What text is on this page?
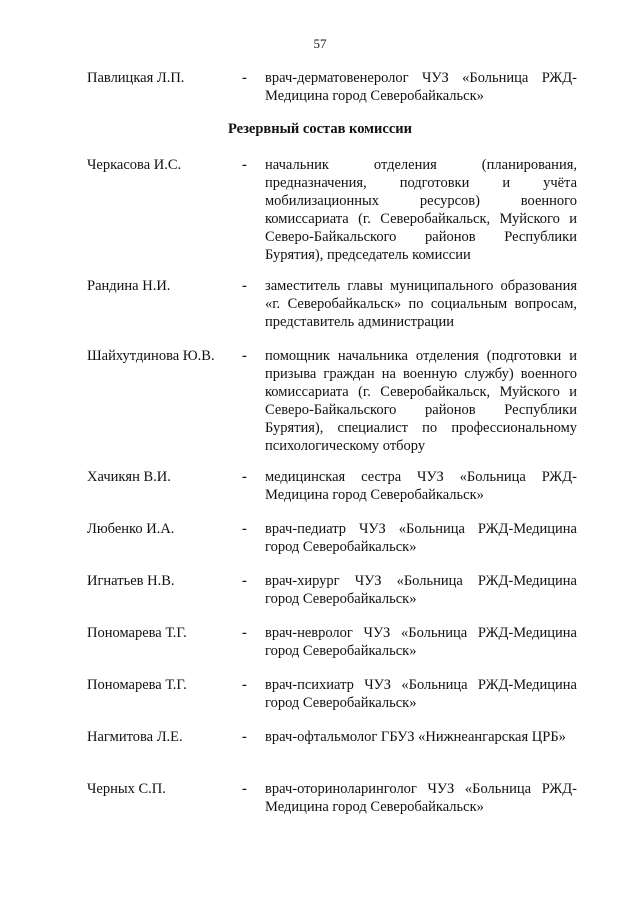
57
Павлицкая Л.П.	- врач-дерматовенеролог ЧУЗ «Больница РЖД-Медицина город Северобайкальск»
Резервный состав комиссии
Черкасова И.С.	- начальник отделения (планирования, предназначения, подготовки и учёта мобилизационных ресурсов) военного комиссариата (г. Северобайкальск, Муйского и Северо-Байкальского районов Республики Бурятия), председатель комиссии
Рандина Н.И.	- заместитель главы муниципального образования «г. Северобайкальск» по социальным вопросам, представитель администрации
Шайхутдинова Ю.В. - помощник начальника отделения (подготовки и призыва граждан на военную службу) военного комиссариата (г. Северобайкальск, Муйского и Северо-Байкальского районов Республики Бурятия), специалист по профессиональному психологическому отбору
Хачикян В.И.	- медицинская сестра ЧУЗ «Больница РЖД-Медицина город Северобайкальск»
Любенко И.А.	- врач-педиатр ЧУЗ «Больница РЖД-Медицина город Северобайкальск»
Игнатьев Н.В.	- врач-хирург ЧУЗ «Больница РЖД-Медицина город Северобайкальск»
Пономарева Т.Г.	- врач-невролог ЧУЗ «Больница РЖД-Медицина город Северобайкальск»
Пономарева Т.Г.	- врач-психиатр ЧУЗ «Больница РЖД-Медицина город Северобайкальск»
Нагмитова Л.Е.	- врач-офтальмолог ГБУЗ «Нижнеангарская ЦРБ»
Черных С.П.	- врач-оториноларинголог ЧУЗ «Больница РЖД-Медицина город Северобайкальск»
